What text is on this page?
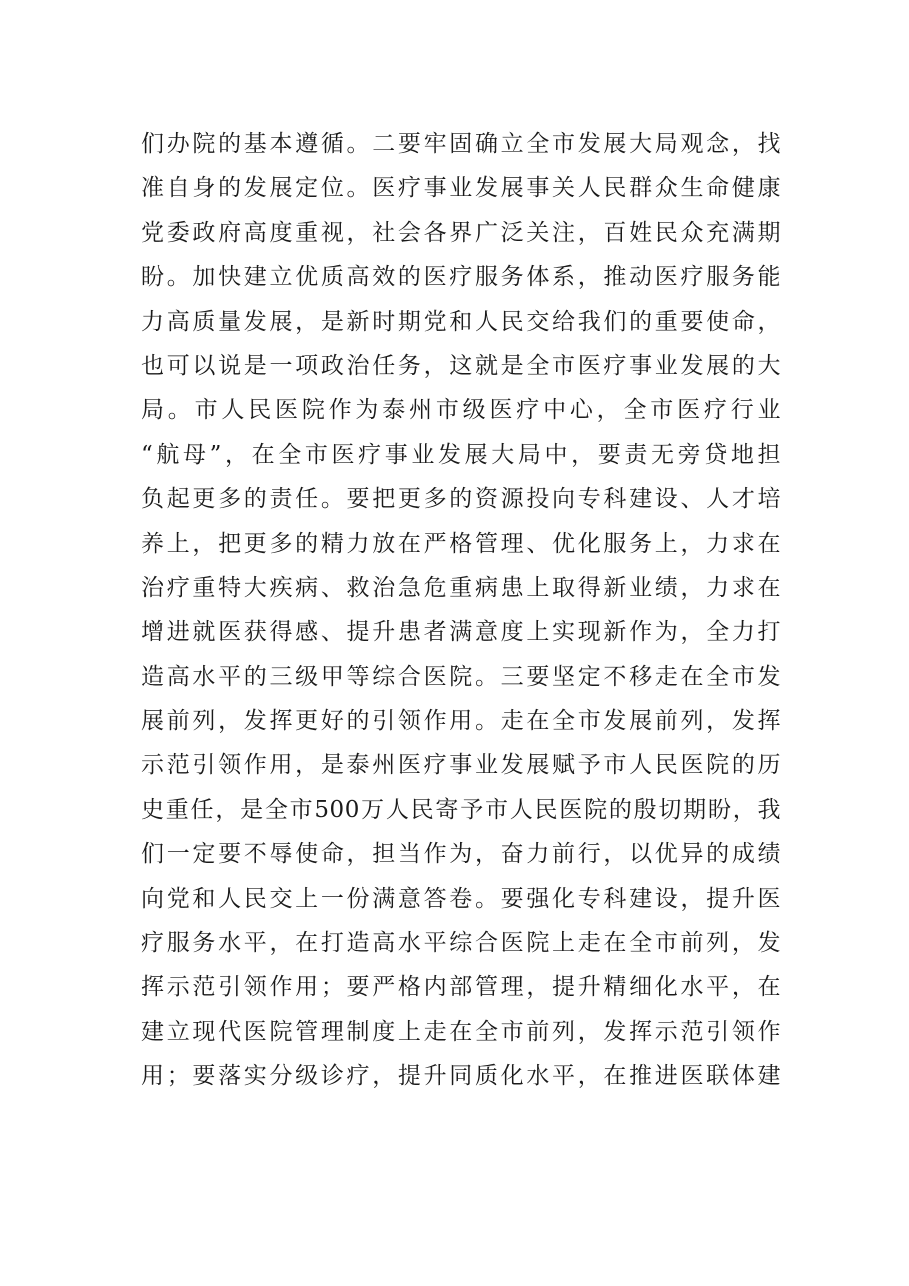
们办院的基本遵循。二要牢固确立全市发展大局观念，找
准自身的发展定位。医疗事业发展事关人民群众生命健康
党委政府高度重视，社会各界广泛关注，百姓民众充满期
盼。加快建立优质高效的医疗服务体系，推动医疗服务能
力高质量发展，是新时期党和人民交给我们的重要使命，
也可以说是一项政治任务，这就是全市医疗事业发展的大
局。市人民医院作为泰州市级医疗中心，全市医疗行业
“航母”，在全市医疗事业发展大局中，要责无旁贷地担
负起更多的责任。要把更多的资源投向专科建设、人才培
养上，把更多的精力放在严格管理、优化服务上，力求在
治疗重特大疾病、救治急危重病患上取得新业绩，力求在
增进就医获得感、提升患者满意度上实现新作为，全力打
造高水平的三级甲等综合医院。三要坚定不移走在全市发
展前列，发挥更好的引领作用。走在全市发展前列，发挥
示范引领作用，是泰州医疗事业发展赋予市人民医院的历
史重任，是全市500万人民寄予市人民医院的殷切期盼，我
们一定要不辱使命，担当作为，奋力前行，以优异的成绩
向党和人民交上一份满意答卷。要强化专科建设，提升医
疗服务水平，在打造高水平综合医院上走在全市前列，发
挥示范引领作用；要严格内部管理，提升精细化水平，在
建立现代医院管理制度上走在全市前列，发挥示范引领作
用；要落实分级诊疗，提升同质化水平，在推进医联体建
